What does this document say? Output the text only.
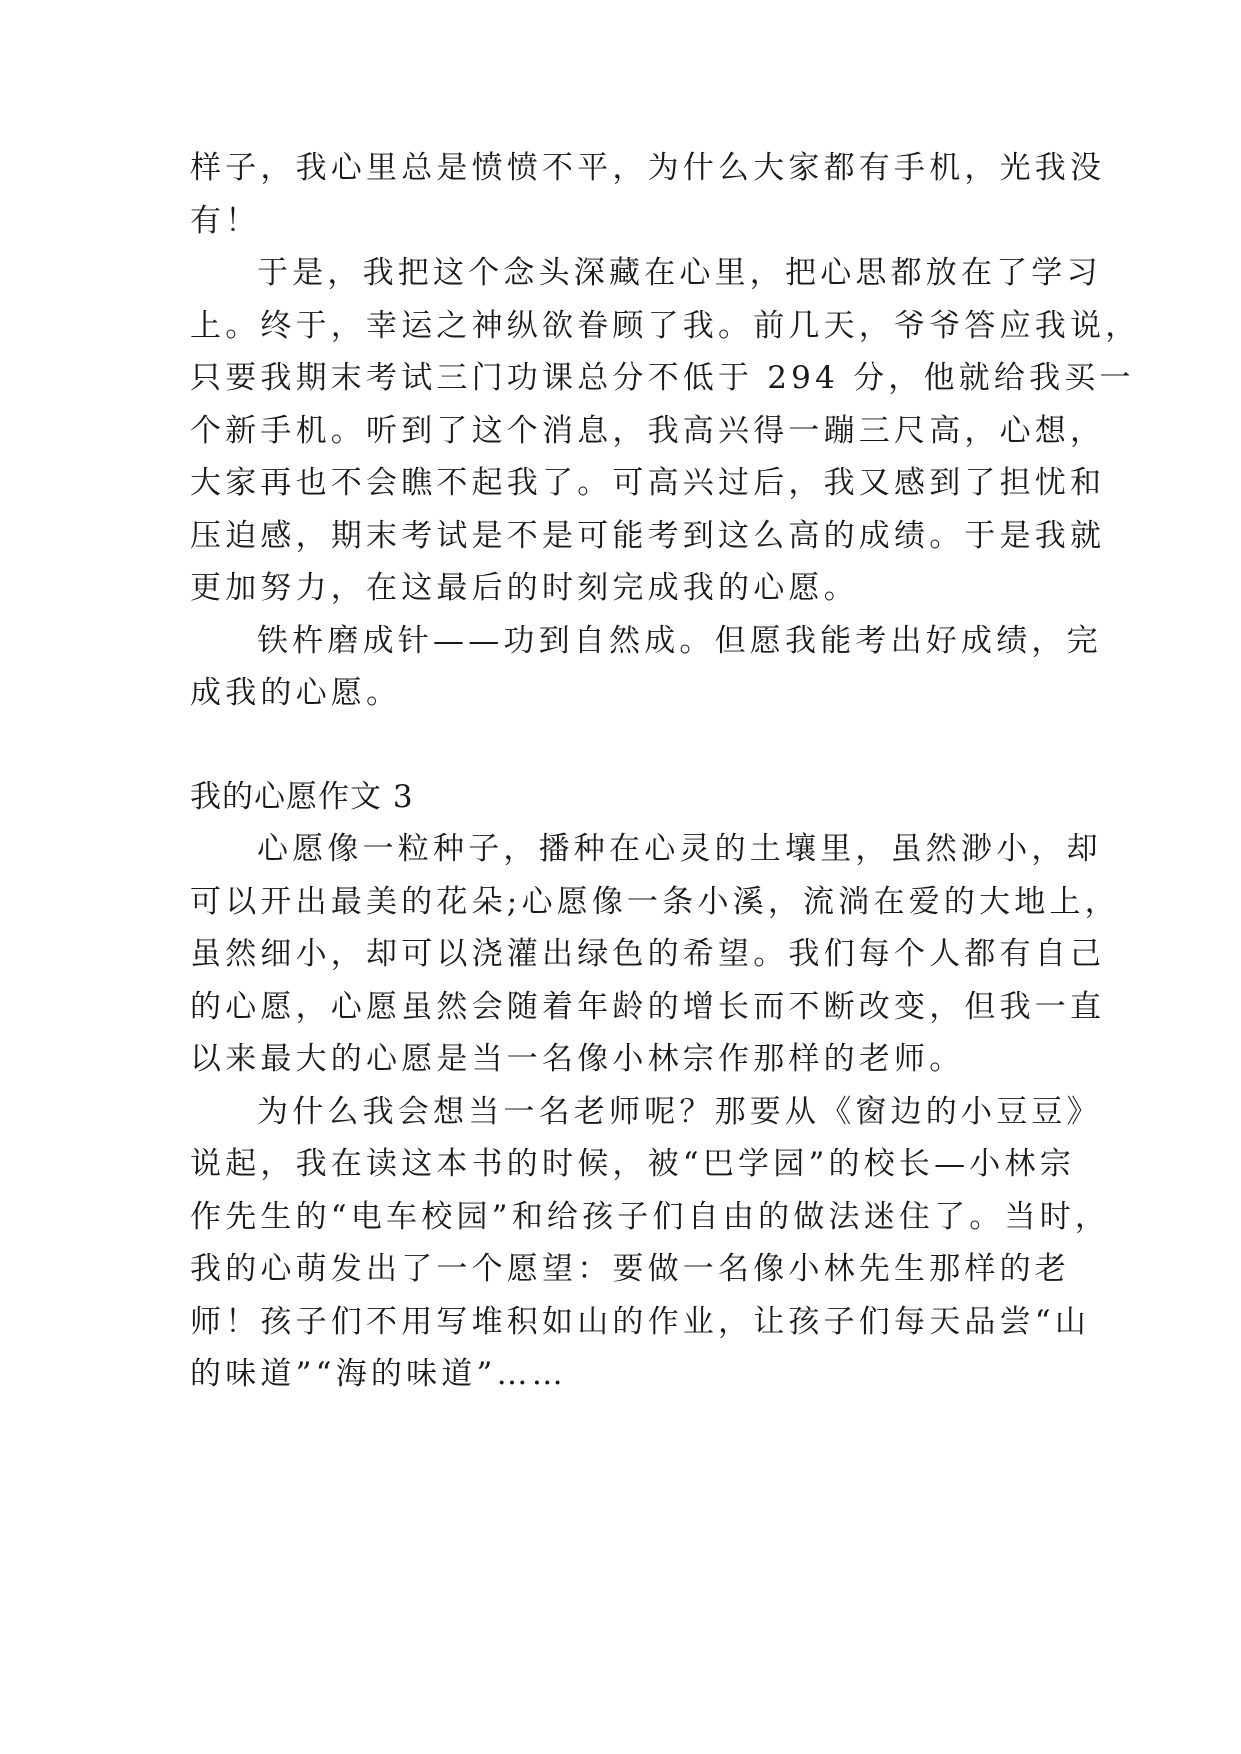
样子，我心里总是愤愤不平，为什么大家都有手机，光我没
有！
于是，我把这个念头深藏在心里，把心思都放在了学习
上。终于，幸运之神纵欲眷顾了我。前几天，爷爷答应我说，
只要我期末考试三门功课总分不低于 294 分，他就给我买一
个新手机。听到了这个消息，我高兴得一蹦三尺高，心想，
大家再也不会瞧不起我了。可高兴过后，我又感到了担忧和
压迫感，期末考试是不是可能考到这么高的成绩。于是我就
更加努力，在这最后的时刻完成我的心愿。
铁杵磨成针——功到自然成。但愿我能考出好成绩，完
成我的心愿。
我的心愿作文 3
心愿像一粒种子，播种在心灵的土壤里，虽然渺小，却
可以开出最美的花朵;心愿像一条小溪，流淌在爱的大地上，
虽然细小，却可以浇灌出绿色的希望。我们每个人都有自己
的心愿，心愿虽然会随着年龄的增长而不断改变，但我一直
以来最大的心愿是当一名像小林宗作那样的老师。
为什么我会想当一名老师呢？那要从《窗边的小豆豆》
说起，我在读这本书的时候，被“巴学园”的校长—小林宗
作先生的“电车校园”和给孩子们自由的做法迷住了。当时，
我的心萌发出了一个愿望：要做一名像小林先生那样的老
师！孩子们不用写堆积如山的作业，让孩子们每天品尝“山
的味道”“海的味道”……
